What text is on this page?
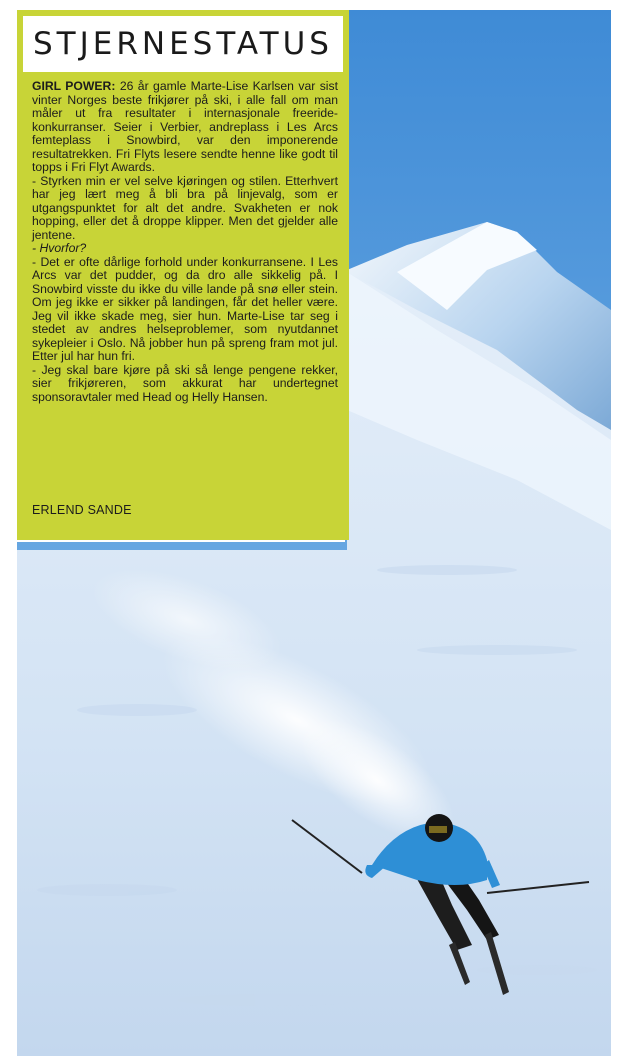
STJERNESTATUS

GIRL POWER: 26 år gamle Marte-Lise Karlsen var sist vinter Norges beste frikjører på ski, i alle fall om man måler ut fra resultater i internasjonale freeride-konkurranser. Seier i Verbier, andreplass i Les Arcs femteplass i Snowbird, var den imponerende resultatrekken. Fri Flyts lesere sendte henne like godt til topps i Fri Flyt Awards.

- Styrken min er vel selve kjøringen og stilen. Etterhvert har jeg lært meg å bli bra på linjevalg, som er utgangspunktet for alt det andre. Svakheten er nok hopping, eller det å droppe klipper. Men det gjelder alle jentene.

- Hvorfor?

- Det er ofte dårlige forhold under konkurransene. I Les Arcs var det pudder, og da dro alle sikkelig på. I Snowbird visste du ikke du ville lande på snø eller stein. Om jeg ikke er sikker på landingen, får det heller være. Jeg vil ikke skade meg, sier hun. Marte-Lise tar seg i stedet av andres helseproblemer, som nyutdannet sykepleier i Oslo. Nå jobber hun på spreng fram mot jul. Etter jul har hun fri.

- Jeg skal bare kjøre på ski så lenge pengene rekker, sier frikjøreren, som akkurat har undertegnet sponsoravtaler med Head og Helly Hansen.

ERLEND SANDE
